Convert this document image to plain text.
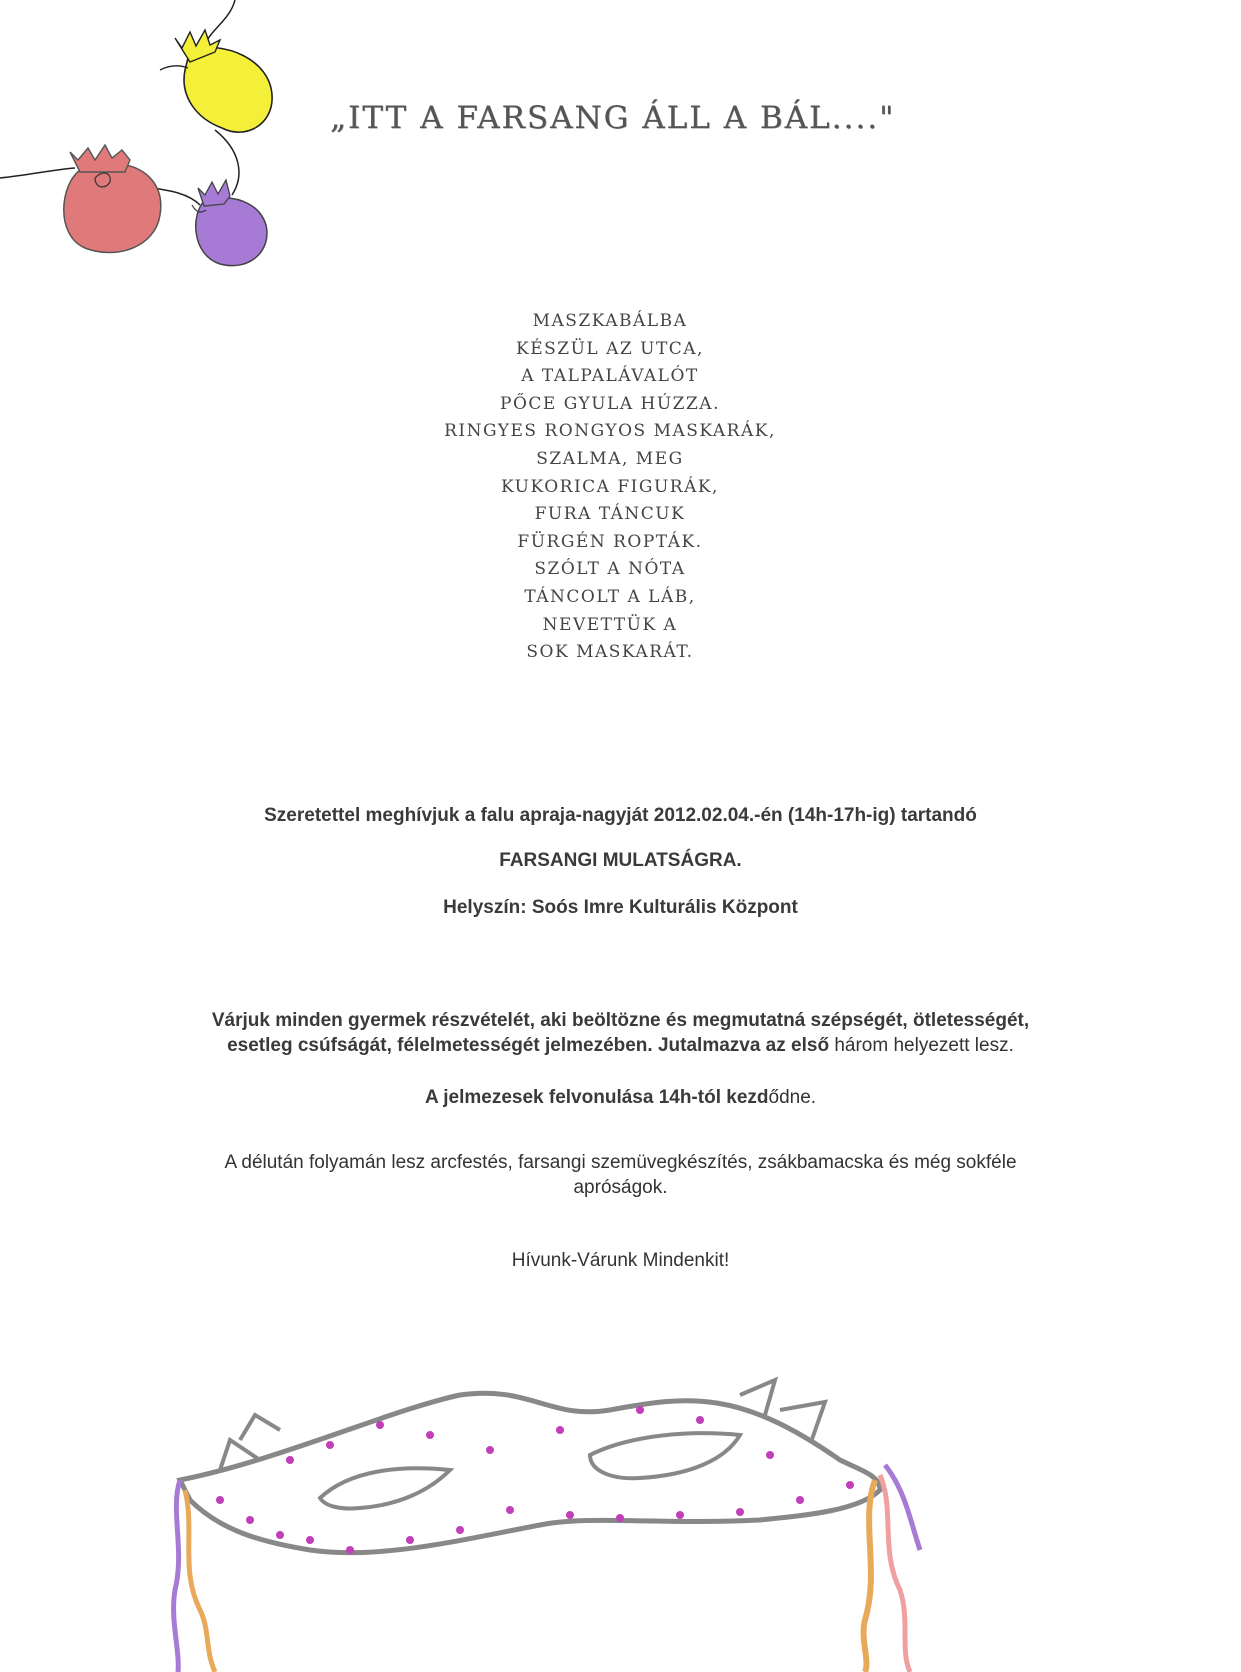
„ITT A FARSANG ÁLL A BÁL...."
MASZKABÁLBA
KÉSZÜL AZ UTCA,
A TALPALÁVALÓT
PŐCE GYULA HÚZZA.
RINGYES RONGYOS MASKARÁK,
SZALMA, MEG
KUKORICA FIGURÁK,
FURA TÁNCUK
FÜRGÉN ROPTÁK.
SZÓLT A NÓTA
TÁNCOLT A LÁB,
NEVETTÜK A
SOK MASKARÁT.
Szeretettel meghívjuk a falu apraja-nagyját 2012.02.04.-én (14h-17h-ig) tartandó
FARSANGI MULATSÁGRA.
Helyszín: Soós Imre Kulturális Központ
Várjuk minden gyermek részvételét, aki beöltözne és megmutatná szépségét, ötletességét,
esetleg csúfságát, félelmetességét jelmezében. Jutalmazva az első három helyezett lesz.
A jelmezesek felvonulása 14h-tól kezdődne.
A délután folyamán lesz arcfestés, farsangi szemüvegkészítés, zsákbamacska és még sokféle
apróságok.
Hívunk-Várunk Mindenkit!
